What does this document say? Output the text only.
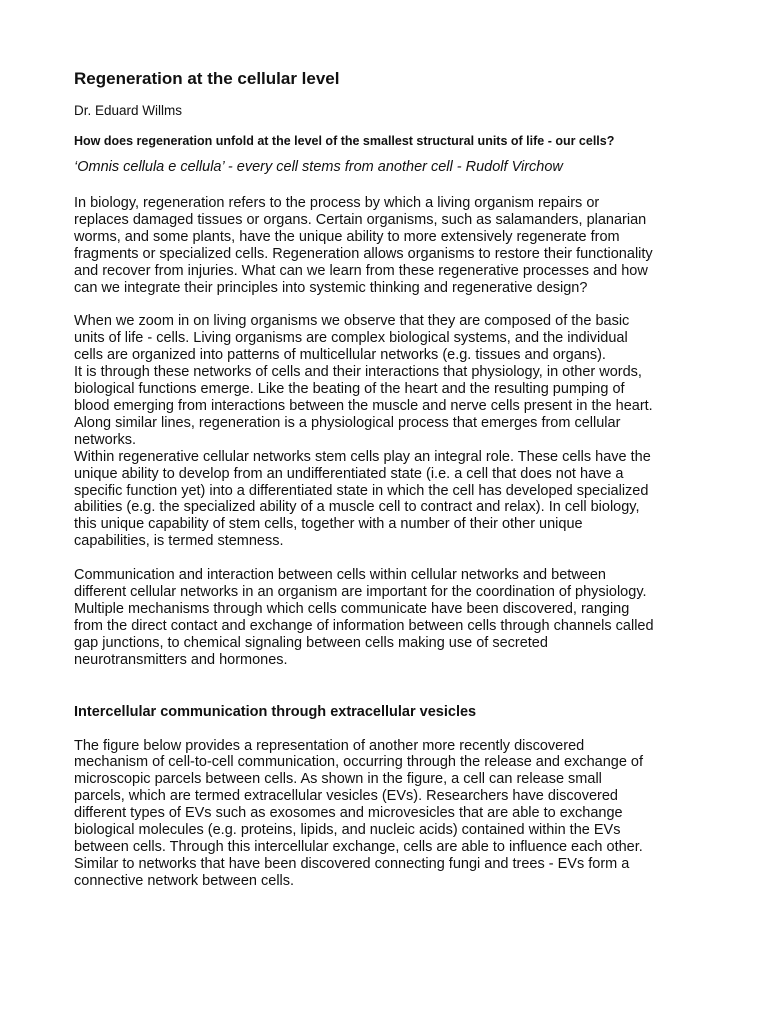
Regeneration at the cellular level

Dr. Eduard Willms

How does regeneration unfold at the level of the smallest structural units of life - our cells?

‘Omnis cellula e cellula’ - every cell stems from another cell - Rudolf Virchow

In biology, regeneration refers to the process by which a living organism repairs or
replaces damaged tissues or organs. Certain organisms, such as salamanders, planarian
worms, and some plants, have the unique ability to more extensively regenerate from
fragments or specialized cells. Regeneration allows organisms to restore their functionality
and recover from injuries. What can we learn from these regenerative processes and how
can we integrate their principles into systemic thinking and regenerative design?

When we zoom in on living organisms we observe that they are composed of the basic
units of life - cells. Living organisms are complex biological systems, and the individual
cells are organized into patterns of multicellular networks (e.g. tissues and organs).
It is through these networks of cells and their interactions that physiology, in other words,
biological functions emerge. Like the beating of the heart and the resulting pumping of
blood emerging from interactions between the muscle and nerve cells present in the heart.
Along similar lines, regeneration is a physiological process that emerges from cellular
networks.
Within regenerative cellular networks stem cells play an integral role. These cells have the
unique ability to develop from an undifferentiated state (i.e. a cell that does not have a
specific function yet) into a differentiated state in which the cell has developed specialized
abilities (e.g. the specialized ability of a muscle cell to contract and relax). In cell biology,
this unique capability of stem cells, together with a number of their other unique
capabilities, is termed stemness.

Communication and interaction between cells within cellular networks and between
different cellular networks in an organism are important for the coordination of physiology.
Multiple mechanisms through which cells communicate have been discovered, ranging
from the direct contact and exchange of information between cells through channels called
gap junctions, to chemical signaling between cells making use of secreted
neurotransmitters and hormones.

Intercellular communication through extracellular vesicles

The figure below provides a representation of another more recently discovered
mechanism of cell-to-cell communication, occurring through the release and exchange of
microscopic parcels between cells. As shown in the figure, a cell can release small
parcels, which are termed extracellular vesicles (EVs). Researchers have discovered
different types of EVs such as exosomes and microvesicles that are able to exchange
biological molecules (e.g. proteins, lipids, and nucleic acids) contained within the EVs
between cells. Through this intercellular exchange, cells are able to influence each other.
Similar to networks that have been discovered connecting fungi and trees - EVs form a
connective network between cells.
